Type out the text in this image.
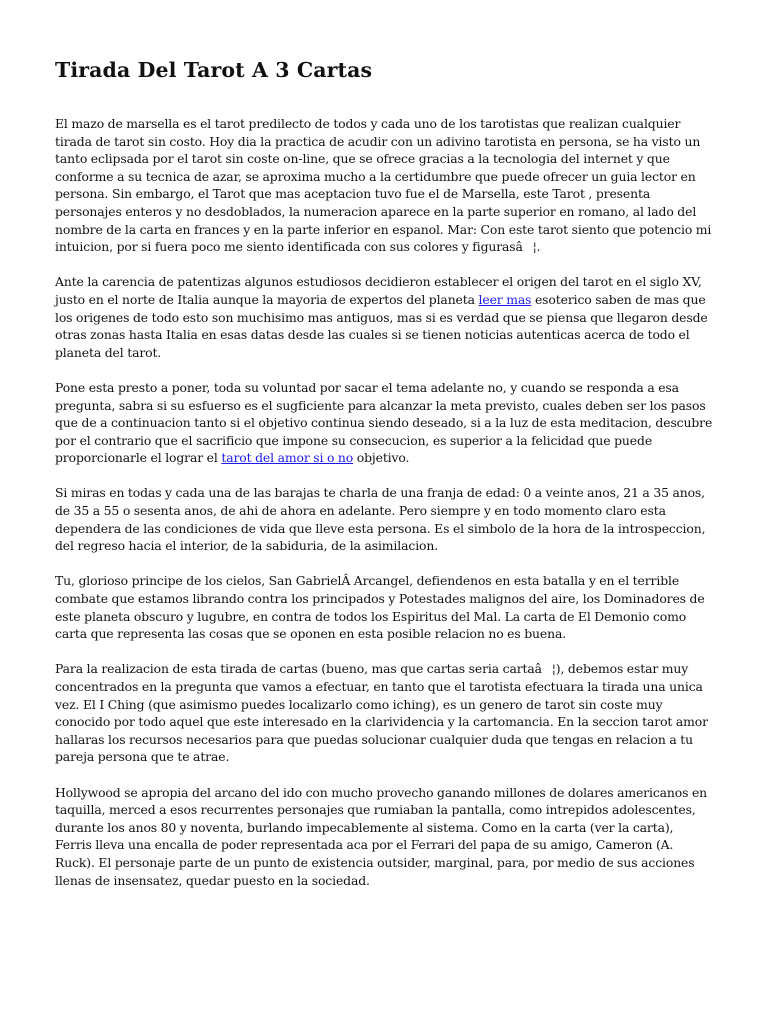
Tirada Del Tarot A 3 Cartas

El mazo de marsella es el tarot predilecto de todos y cada uno de los tarotistas que realizan cualquier tirada de tarot sin costo. Hoy dia la practica de acudir con un adivino tarotista en persona, se ha visto un tanto eclipsada por el tarot sin coste on-line, que se ofrece gracias a la tecnologia del internet y que conforme a su tecnica de azar, se aproxima mucho a la certidumbre que puede ofrecer un guia lector en persona. Sin embargo, el Tarot que mas aceptacion tuvo fue el de Marsella, este Tarot , presenta personajes enteros y no desdoblados, la numeracion aparece en la parte superior en romano, al lado del nombre de la carta en frances y en la parte inferior en espanol. Mar: Con este tarot siento que potencio mi intuicion, por si fuera poco me siento identificada con sus colores y figurasâ¦.

Ante la carencia de patentizas algunos estudiosos decidieron establecer el origen del tarot en el siglo XV, justo en el norte de Italia aunque la mayoria de expertos del planeta leer mas esoterico saben de mas que los origenes de todo esto son muchisimo mas antiguos, mas si es verdad que se piensa que llegaron desde otras zonas hasta Italia en esas datas desde las cuales si se tienen noticias autenticas acerca de todo el planeta del tarot.

Pone esta presto a poner, toda su voluntad por sacar el tema adelante no, y cuando se responda a esa pregunta, sabra si su esfuerso es el sugficiente para alcanzar la meta previsto, cuales deben ser los pasos que de a continuacion tanto si el objetivo continua siendo deseado, si a la luz de esta meditacion, descubre por el contrario que el sacrificio que impone su consecucion, es superior a la felicidad que puede proporcionarle el lograr el tarot del amor si o no objetivo.

Si miras en todas y cada una de las barajas te charla de una franja de edad: 0 a veinte anos, 21 a 35 anos, de 35 a 55 o sesenta anos, de ahi de ahora en adelante. Pero siempre y en todo momento claro esta dependera de las condiciones de vida que lleve esta persona. Es el simbolo de la hora de la introspeccion, del regreso hacia el interior, de la sabiduria, de la asimilacion.

Tu, glorioso principe de los cielos, San GabrielÂ Arcangel, defiendenos en esta batalla y en el terrible combate que estamos librando contra los principados y Potestades malignos del aire, los Dominadores de este planeta obscuro y lugubre, en contra de todos los Espiritus del Mal. La carta de El Demonio como carta que representa las cosas que se oponen en esta posible relacion no es buena.

Para la realizacion de esta tirada de cartas (bueno, mas que cartas seria cartaâ¦), debemos estar muy concentrados en la pregunta que vamos a efectuar, en tanto que el tarotista efectuara la tirada una unica vez. El I Ching (que asimismo puedes localizarlo como iching), es un genero de tarot sin coste muy conocido por todo aquel que este interesado en la clarividencia y la cartomancia. En la seccion tarot amor hallaras los recursos necesarios para que puedas solucionar cualquier duda que tengas en relacion a tu pareja persona que te atrae.

Hollywood se apropia del arcano del ido con mucho provecho ganando millones de dolares americanos en taquilla, merced a esos recurrentes personajes que rumiaban la pantalla, como intrepidos adolescentes, durante los anos 80 y noventa, burlando impecablemente al sistema. Como en la carta (ver la carta), Ferris lleva una encalla de poder representada aca por el Ferrari del papa de su amigo, Cameron (A. Ruck). El personaje parte de un punto de existencia outsider, marginal, para, por medio de sus acciones llenas de insensatez, quedar puesto en la sociedad.
